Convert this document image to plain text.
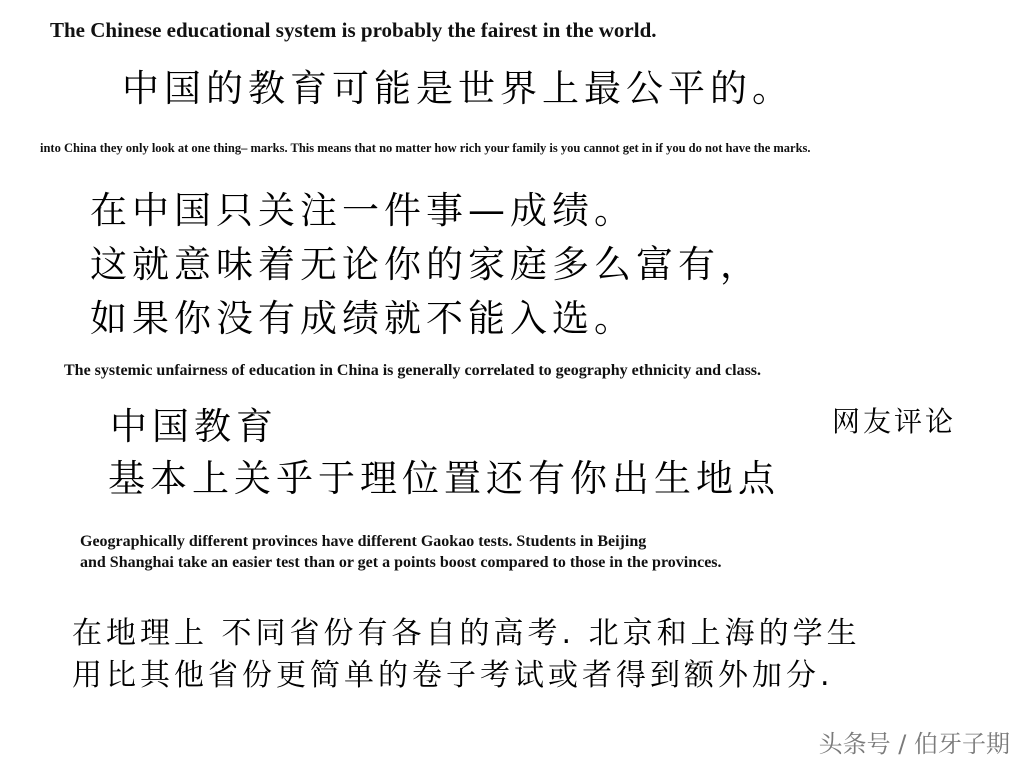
The Chinese educational system is probably the fairest in the world.
中国的教育可能是世界上最公平的。
into China they only look at one thing– marks. This means that no matter how rich your family is you cannot get in if you do not have the marks.
在中国只关注一件事—成绩。
这就意味着无论你的家庭多么富有，
如果你没有成绩就不能入选。
The systemic unfairness of education in China is generally correlated to geography ethnicity and class.
中国教育
基本上关乎于理位置还有你出生地点
网友评论
Geographically different provinces have different Gaokao tests. Students in Beijing
and Shanghai take an easier test than or get a points boost compared to those in the provinces.
在地理上 不同省份有各自的高考. 北京和上海的学生
用比其他省份更简单的卷子考试或者得到额外加分.
头条号 / 伯牙子期
